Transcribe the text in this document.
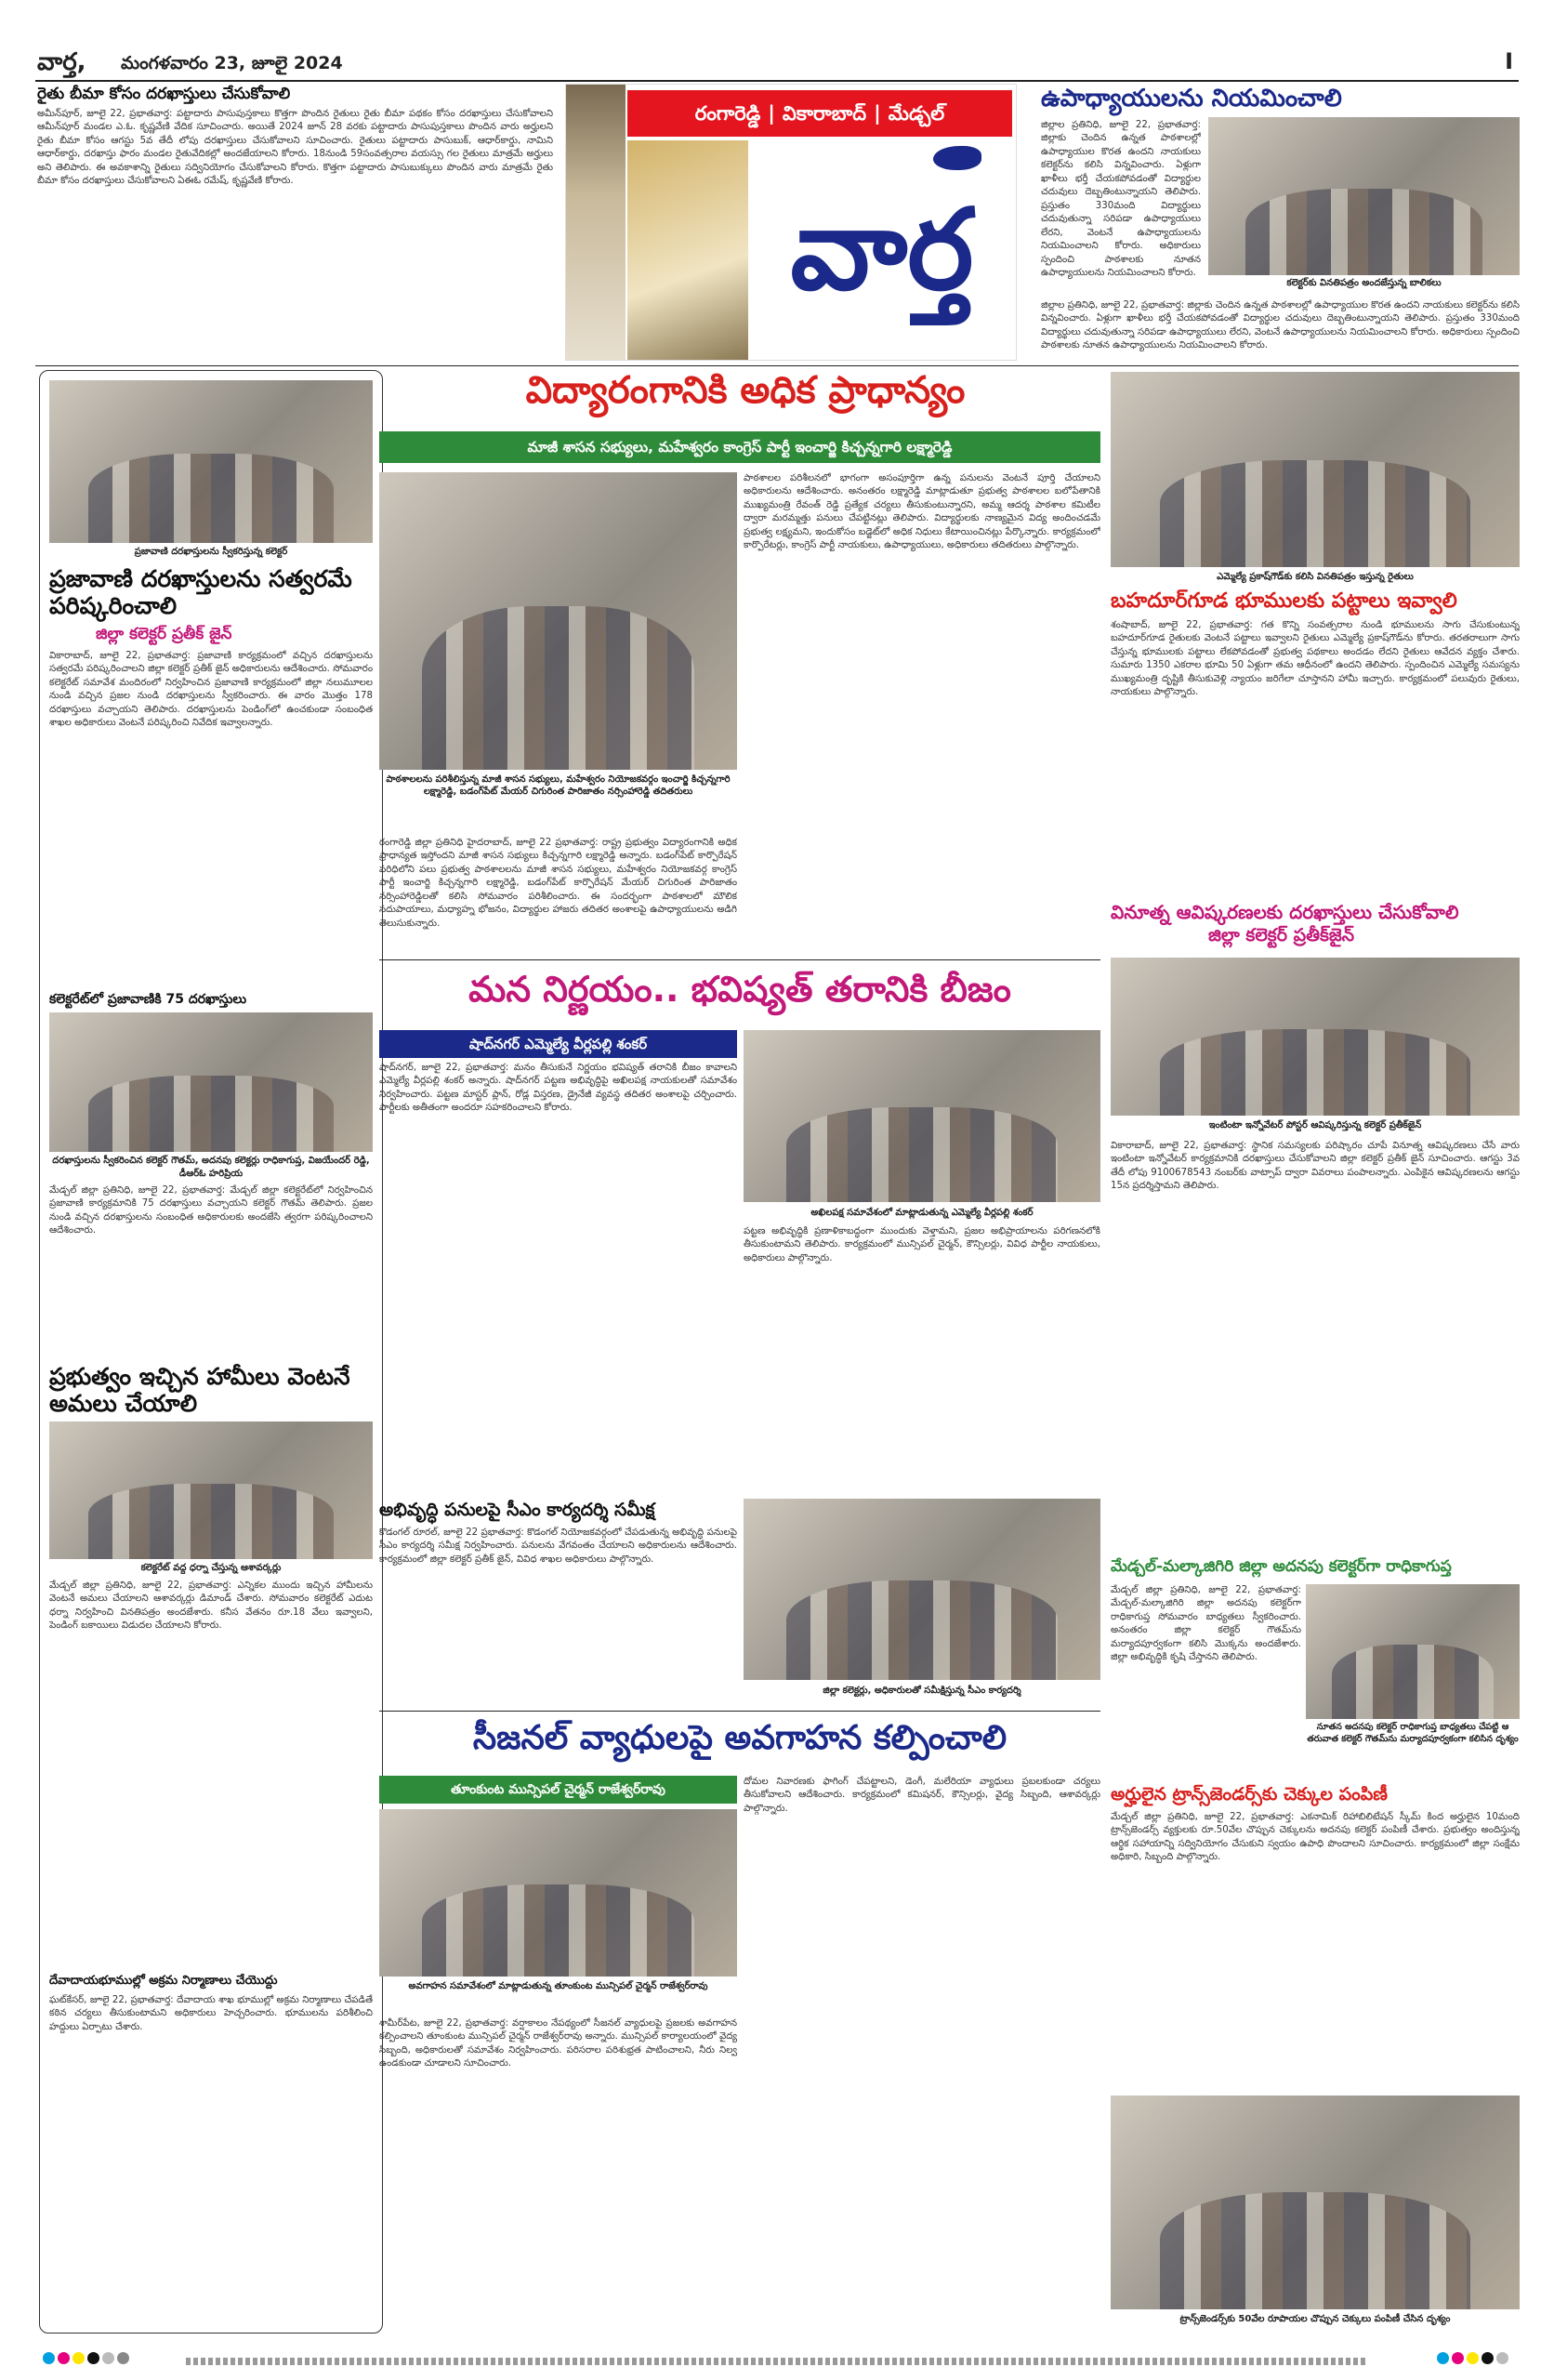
వార్త, మంగళవారం 23, జూలై 2024	I
రైతు బీమా కోసం దరఖాస్తులు చేసుకోవాలి
అమీన్‌పూర్, జూలై 22, ప్రభాతవార్త: పట్టాదారు పాసుపుస్తకాలు కొత్తగా పొందిన రైతులు రైతు బీమా పథకం కోసం దరఖాస్తులు చేసుకోవాలని ఆమీన్‌పూర్ మండల ఎ.ఓ. కృష్ణవేణి వేదిక సూచించారు. అయితే 2024 జూన్ 28 వరకు పట్టాదారు పాసుపుస్తకాలు పొందిన వారు అర్హులని రైతు బీమా కోసం ఆగస్టు 5వ తేదీ లోపు దరఖాస్తులు చేసుకోవాలని సూచించారు. రైతులు పట్టాదారు పాసుబుక్, ఆధార్‌కార్డు, నామిని ఆధార్‌కార్డు, దరఖాస్తు ఫారం మండల రైతువేదికల్లో అందజేయాలని కోరారు. 18నుండి 59సంవత్సరాల వయస్సు గల రైతులు మాత్రమే అర్హులు అని తెలిపారు. ఈ అవకాశాన్ని రైతులు సద్వినియోగం చేసుకోవాలని కోరారు. కొత్తగా పట్టాదారు పాసుబుక్కులు పొందిన వారు మాత్రమే రైతు బీమా కోసం దరఖాస్తులు చేసుకోవాలని ఏఈఓ రమేష్, కృష్ణవేణి కోరారు.
రంగారెడ్డి | వికారాబాద్ | మేడ్చల్
వార్త
ఉపాధ్యాయులను నియమించాలి
జిల్లాల ప్రతినిధి, జూలై 22, ప్రభాతవార్త: జిల్లాకు చెందిన ఉన్నత పాఠశాలల్లో ఉపాధ్యాయుల కొరత ఉందని నాయకులు కలెక్టర్‌ను కలిసి విన్నవించారు. ఏళ్లుగా ఖాళీలు భర్తీ చేయకపోవడంతో విద్యార్థుల చదువులు దెబ్బతింటున్నాయని తెలిపారు. ప్రస్తుతం 330మంది విద్యార్థులు చదువుతున్నా సరిపడా ఉపాధ్యాయులు లేరని, వెంటనే ఉపాధ్యాయులను నియమించాలని కోరారు. అధికారులు స్పందించి పాఠశాలకు నూతన ఉపాధ్యాయులను నియమించాలని కోరారు.
కలెక్టర్‌కు వినతిపత్రం అందజేస్తున్న బాలికలు
జిల్లాల ప్రతినిధి, జూలై 22, ప్రభాతవార్త: జిల్లాకు చెందిన ఉన్నత పాఠశాలల్లో ఉపాధ్యాయుల కొరత ఉందని నాయకులు కలెక్టర్‌ను కలిసి విన్నవించారు. ఏళ్లుగా ఖాళీలు భర్తీ చేయకపోవడంతో విద్యార్థుల చదువులు దెబ్బతింటున్నాయని తెలిపారు. ప్రస్తుతం 330మంది విద్యార్థులు చదువుతున్నా సరిపడా ఉపాధ్యాయులు లేరని, వెంటనే ఉపాధ్యాయులను నియమించాలని కోరారు. అధికారులు స్పందించి పాఠశాలకు నూతన ఉపాధ్యాయులను నియమించాలని కోరారు.
ప్రజావాణి దరఖాస్తులను స్వీకరిస్తున్న కలెక్టర్
ప్రజావాణి దరఖాస్తులను సత్వరమే పరిష్కరించాలి
జిల్లా కలెక్టర్ ప్రతీక్ జైన్
వికారాబాద్, జూలై 22, ప్రభాతవార్త: ప్రజావాణి కార్యక్రమంలో వచ్చిన దరఖాస్తులను సత్వరమే పరిష్కరించాలని జిల్లా కలెక్టర్ ప్రతీక్ జైన్ అధికారులను ఆదేశించారు. సోమవారం కలెక్టరేట్ సమావేశ మందిరంలో నిర్వహించిన ప్రజావాణి కార్యక్రమంలో జిల్లా నలుమూలల నుండి వచ్చిన ప్రజల నుండి దరఖాస్తులను స్వీకరించారు. ఈ వారం మొత్తం 178 దరఖాస్తులు వచ్చాయని తెలిపారు. దరఖాస్తులను పెండింగ్‌లో ఉంచకుండా సంబంధిత శాఖల అధికారులు వెంటనే పరిష్కరించి నివేదిక ఇవ్వాలన్నారు.
కలెక్టరేట్‌లో ప్రజావాణికి 75 దరఖాస్తులు
దరఖాస్తులను స్వీకరించిన కలెక్టర్ గౌతమ్, అదనపు కలెక్టర్లు రాధికాగుప్త, విజయేందర్ రెడ్డి, డీఆర్‌ఓ హరిప్రియ
మేడ్చల్ జిల్లా ప్రతినిధి, జూలై 22, ప్రభాతవార్త: మేడ్చల్ జిల్లా కలెక్టరేట్‌లో నిర్వహించిన ప్రజావాణి కార్యక్రమానికి 75 దరఖాస్తులు వచ్చాయని కలెక్టర్ గౌతమ్ తెలిపారు. ప్రజల నుండి వచ్చిన దరఖాస్తులను సంబంధిత అధికారులకు అందజేసి త్వరగా పరిష్కరించాలని ఆదేశించారు.
ప్రభుత్వం ఇచ్చిన హామీలు వెంటనే అమలు చేయాలి
కలెక్టరేట్ వద్ద ధర్నా చేస్తున్న ఆశావర్కర్లు
మేడ్చల్ జిల్లా ప్రతినిధి, జూలై 22, ప్రభాతవార్త: ఎన్నికల ముందు ఇచ్చిన హామీలను వెంటనే అమలు చేయాలని ఆశావర్కర్లు డిమాండ్ చేశారు. సోమవారం కలెక్టరేట్ ఎదుట ధర్నా నిర్వహించి వినతిపత్రం అందజేశారు. కనీస వేతనం రూ.18 వేలు ఇవ్వాలని, పెండింగ్ బకాయిలు విడుదల చేయాలని కోరారు.
దేవాదాయభూముల్లో అక్రమ నిర్మాణాలు చేయొద్దు
ఘట్‌కేసర్, జూలై 22, ప్రభాతవార్త: దేవాదాయ శాఖ భూముల్లో అక్రమ నిర్మాణాలు చేపడితే కఠిన చర్యలు తీసుకుంటామని అధికారులు హెచ్చరించారు. భూములను పరిశీలించి హద్దులు ఏర్పాటు చేశారు.
విద్యారంగానికి అధిక ప్రాధాన్యం
మాజీ శాసన సభ్యులు, మహేశ్వరం కాంగ్రెస్ పార్టీ ఇంచార్జి కిచ్చన్నగారి లక్ష్మారెడ్డి
పాఠశాలలను పరిశీలిస్తున్న మాజీ శాసన సభ్యులు, మహేశ్వరం నియోజకవర్గం ఇంచార్జి కిచ్చన్నగారి లక్ష్మారెడ్డి, బడంగ్‌పేట్ మేయర్ చిగురింత పారిజాతం నర్సింహారెడ్డి తదితరులు
రంగారెడ్డి జిల్లా ప్రతినిధి హైదరాబాద్, జూలై 22 ప్రభాతవార్త: రాష్ట్ర ప్రభుత్వం విద్యారంగానికి అధిక ప్రాధాన్యత ఇస్తోందని మాజీ శాసన సభ్యులు కిచ్చన్నగారి లక్ష్మారెడ్డి అన్నారు. బడంగ్‌పేట్ కార్పొరేషన్ పరిధిలోని పలు ప్రభుత్వ పాఠశాలలను మాజీ శాసన సభ్యులు, మహేశ్వరం నియోజకవర్గ కాంగ్రెస్ పార్టీ ఇంచార్జి కిచ్చన్నగారి లక్ష్మారెడ్డి, బడంగ్‌పేట్ కార్పొరేషన్ మేయర్ చిగురింత పారిజాతం నర్సింహారెడ్డిలతో కలిసి సోమవారం పరిశీలించారు. ఈ సందర్భంగా పాఠశాలలో మౌలిక సదుపాయాలు, మధ్యాహ్న భోజనం, విద్యార్థుల హాజరు తదితర అంశాలపై ఉపాధ్యాయులను అడిగి తెలుసుకున్నారు.
పాఠశాలల పరిశీలనలో భాగంగా అసంపూర్తిగా ఉన్న పనులను వెంటనే పూర్తి చేయాలని అధికారులను ఆదేశించారు. అనంతరం లక్ష్మారెడ్డి మాట్లాడుతూ ప్రభుత్వ పాఠశాలల బలోపేతానికి ముఖ్యమంత్రి రేవంత్ రెడ్డి ప్రత్యేక చర్యలు తీసుకుంటున్నారని, అమ్మ ఆదర్శ పాఠశాల కమిటీల ద్వారా మరమ్మత్తు పనులు చేపట్టినట్లు తెలిపారు. విద్యార్థులకు నాణ్యమైన విద్య అందించడమే ప్రభుత్వ లక్ష్యమని, ఇందుకోసం బడ్జెట్‌లో అధిక నిధులు కేటాయించినట్లు పేర్కొన్నారు. కార్యక్రమంలో కార్పొరేటర్లు, కాంగ్రెస్ పార్టీ నాయకులు, ఉపాధ్యాయులు, అధికారులు తదితరులు పాల్గొన్నారు.
ఎమ్మెల్యే ప్రకాష్‌గౌడ్‌కు కలిసి వినతిపత్రం ఇస్తున్న రైతులు
బహదూర్‌గూడ భూములకు పట్టాలు ఇవ్వాలి
శంషాబాద్, జూలై 22, ప్రభాతవార్త: గత కొన్ని సంవత్సరాల నుండి భూములను సాగు చేసుకుంటున్న బహదూర్‌గూడ రైతులకు వెంటనే పట్టాలు ఇవ్వాలని రైతులు ఎమ్మెల్యే ప్రకాష్‌గౌడ్‌ను కోరారు. తరతరాలుగా సాగు చేస్తున్న భూములకు పట్టాలు లేకపోవడంతో ప్రభుత్వ పథకాలు అందడం లేదని రైతులు ఆవేదన వ్యక్తం చేశారు. సుమారు 1350 ఎకరాల భూమి 50 ఏళ్లుగా తమ ఆధీనంలో ఉందని తెలిపారు. స్పందించిన ఎమ్మెల్యే సమస్యను ముఖ్యమంత్రి దృష్టికి తీసుకువెళ్లి న్యాయం జరిగేలా చూస్తానని హామీ ఇచ్చారు. కార్యక్రమంలో పలువురు రైతులు, నాయకులు పాల్గొన్నారు.
వినూత్న ఆవిష్కరణలకు దరఖాస్తులు చేసుకోవాలి
జిల్లా కలెక్టర్ ప్రతీక్‌జైన్
ఇంటింటా ఇన్నోవేటర్ పోస్టర్ ఆవిష్కరిస్తున్న కలెక్టర్ ప్రతీక్‌జైన్
వికారాబాద్, జూలై 22, ప్రభాతవార్త: స్థానిక సమస్యలకు పరిష్కారం చూపే వినూత్న ఆవిష్కరణలు చేసే వారు ఇంటింటా ఇన్నోవేటర్ కార్యక్రమానికి దరఖాస్తులు చేసుకోవాలని జిల్లా కలెక్టర్ ప్రతీక్ జైన్ సూచించారు. ఆగస్టు 3వ తేదీ లోపు 9100678543 నంబర్‌కు వాట్సాప్ ద్వారా వివరాలు పంపాలన్నారు. ఎంపికైన ఆవిష్కరణలను ఆగస్టు 15న ప్రదర్శిస్తామని తెలిపారు.
మన నిర్ణయం.. భవిష్యత్ తరానికి బీజం
షాద్‌నగర్ ఎమ్మెల్యే వీర్లపల్లి శంకర్
షాద్‌నగర్, జూలై 22, ప్రభాతవార్త: మనం తీసుకునే నిర్ణయం భవిష్యత్ తరానికి బీజం కావాలని ఎమ్మెల్యే వీర్లపల్లి శంకర్ అన్నారు. షాద్‌నగర్ పట్టణ అభివృద్ధిపై అఖిలపక్ష నాయకులతో సమావేశం నిర్వహించారు. పట్టణ మాస్టర్ ప్లాన్, రోడ్ల విస్తరణ, డ్రైనేజీ వ్యవస్థ తదితర అంశాలపై చర్చించారు. పార్టీలకు అతీతంగా అందరూ సహకరించాలని కోరారు.
అఖిలపక్ష సమావేశంలో మాట్లాడుతున్న ఎమ్మెల్యే వీర్లపల్లి శంకర్
పట్టణ అభివృద్ధికి ప్రణాళికాబద్ధంగా ముందుకు వెళ్తామని, ప్రజల అభిప్రాయాలను పరిగణనలోకి తీసుకుంటామని తెలిపారు. కార్యక్రమంలో మున్సిపల్ చైర్మన్, కౌన్సిలర్లు, వివిధ పార్టీల నాయకులు, అధికారులు పాల్గొన్నారు.
అభివృద్ధి పనులపై సీఎం కార్యదర్శి సమీక్ష
కొడంగల్ రూరల్, జూలై 22 ప్రభాతవార్త: కొడంగల్ నియోజకవర్గంలో చేపడుతున్న అభివృద్ధి పనులపై సీఎం కార్యదర్శి సమీక్ష నిర్వహించారు. పనులను వేగవంతం చేయాలని అధికారులను ఆదేశించారు. కార్యక్రమంలో జిల్లా కలెక్టర్ ప్రతీక్ జైన్, వివిధ శాఖల అధికారులు పాల్గొన్నారు.
జిల్లా కలెక్టర్లు, అధికారులతో సమీక్షిస్తున్న సీఎం కార్యదర్శి
సీజనల్ వ్యాధులపై అవగాహన కల్పించాలి
తూంకుంట మున్సిపల్ చైర్మన్ రాజేశ్వర్‌రావు
అవగాహన సమావేశంలో మాట్లాడుతున్న తూంకుంట మున్సిపల్ చైర్మన్ రాజేశ్వర్‌రావు
శామీర్‌పేట, జూలై 22, ప్రభాతవార్త: వర్షాకాలం నేపథ్యంలో సీజనల్ వ్యాధులపై ప్రజలకు అవగాహన కల్పించాలని తూంకుంట మున్సిపల్ చైర్మన్ రాజేశ్వర్‌రావు అన్నారు. మున్సిపల్ కార్యాలయంలో వైద్య సిబ్బంది, అధికారులతో సమావేశం నిర్వహించారు. పరిసరాల పరిశుభ్రత పాటించాలని, నీరు నిల్వ ఉండకుండా చూడాలని సూచించారు.
దోమల నివారణకు ఫాగింగ్ చేపట్టాలని, డెంగీ, మలేరియా వ్యాధులు ప్రబలకుండా చర్యలు తీసుకోవాలని ఆదేశించారు. కార్యక్రమంలో కమిషనర్, కౌన్సిలర్లు, వైద్య సిబ్బంది, ఆశావర్కర్లు పాల్గొన్నారు.
మేడ్చల్-మల్కాజిగిరి జిల్లా అదనపు కలెక్టర్‌గా రాధికాగుప్త
మేడ్చల్ జిల్లా ప్రతినిధి, జూలై 22, ప్రభాతవార్త: మేడ్చల్-మల్కాజిగిరి జిల్లా అదనపు కలెక్టర్‌గా రాధికాగుప్త సోమవారం బాధ్యతలు స్వీకరించారు. అనంతరం జిల్లా కలెక్టర్ గౌతమ్‌ను మర్యాదపూర్వకంగా కలిసి మొక్కను అందజేశారు. జిల్లా అభివృద్ధికి కృషి చేస్తానని తెలిపారు.
నూతన అదనపు కలెక్టర్ రాధికాగుప్త బాధ్యతలు చేపట్టి ఆ తరువాత కలెక్టర్ గౌతమ్‌ను మర్యాదపూర్వకంగా కలిసిన దృశ్యం
అర్హులైన ట్రాన్స్‌జెండర్స్‌కు చెక్కుల పంపిణీ
మేడ్చల్ జిల్లా ప్రతినిధి, జూలై 22, ప్రభాతవార్త: ఎకనామిక్ రిహాబిలిటేషన్ స్కీమ్ కింద అర్హులైన 10మంది ట్రాన్స్‌జెండర్స్ వ్యక్తులకు రూ.50వేల చొప్పున చెక్కులను అదనపు కలెక్టర్ పంపిణీ చేశారు. ప్రభుత్వం అందిస్తున్న ఆర్థిక సహాయాన్ని సద్వినియోగం చేసుకుని స్వయం ఉపాధి పొందాలని సూచించారు. కార్యక్రమంలో జిల్లా సంక్షేమ అధికారి, సిబ్బంది పాల్గొన్నారు.
ట్రాన్స్‌జెండర్స్‌కు 50వేల రూపాయల చొప్పున చెక్కులు పంపిణీ చేసిన దృశ్యం
